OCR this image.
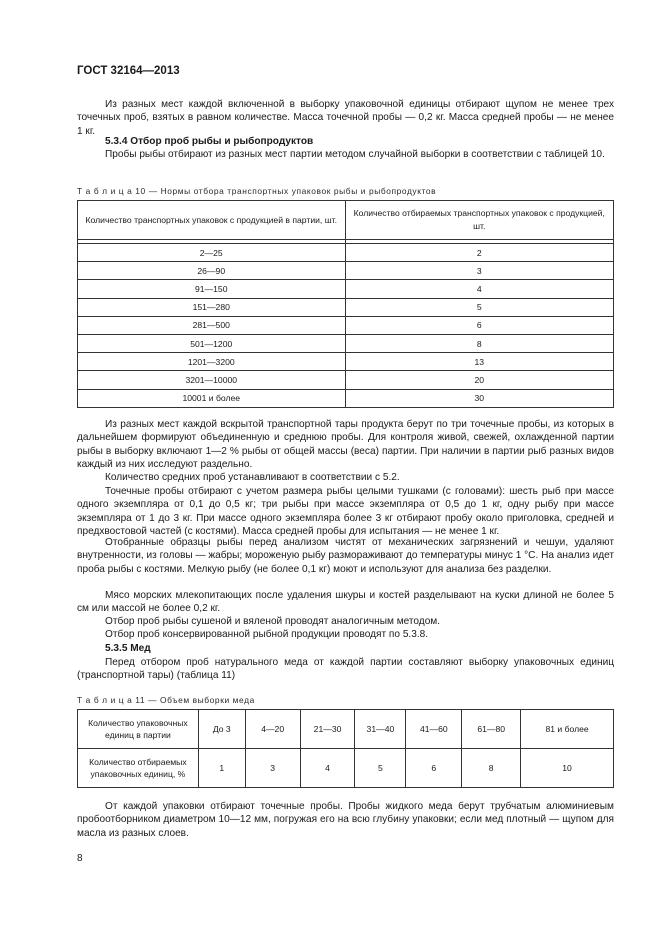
ГОСТ 32164—2013

Из разных мест каждой включенной в выборку упаковочной единицы отбирают щупом не менее трех точечных проб, взятых в равном количестве. Масса точечной пробы — 0,2 кг. Масса средней пробы — не менее 1 кг.

5.3.4 Отбор проб рыбы и рыбопродуктов

Пробы рыбы отбирают из разных мест партии методом случайной выборки в соответствии с таблицей 10.

Т а б л и ц а 10 — Нормы отбора транспортных упаковок рыбы и рыбопродуктов
Количество транспортных упаковок с продукцией в партии, шт.	Количество отбираемых транспортных упаковок с продукцией, шт.

2—25	2
26—90	3
91—150	4
151—280	5
281—500	6
501—1200	8
1201—3200	13
3201—10000	20
10001 и более	30

Из разных мест каждой вскрытой транспортной тары продукта берут по три точечные пробы, из которых в дальнейшем формируют объединенную и среднюю пробы. Для контроля живой, свежей, охлажденной партии рыбы в выборку включают 1—2 % рыбы от общей массы (веса) партии. При наличии в партии рыб разных видов каждый из них исследуют раздельно.

Количество средних проб устанавливают в соответствии с 5.2.

Точечные пробы отбирают с учетом размера рыбы целыми тушками (с головами): шесть рыб при массе одного экземпляра от 0,1 до 0,5 кг; три рыбы при массе экземпляра от 0,5 до 1 кг, одну рыбу при массе экземпляра от 1 до 3 кг. При массе одного экземпляра более 3 кг отбирают пробу около приголовка, средней и предхвостовой частей (с костями). Масса средней пробы для испытания — не менее 1 кг.

Отобранные образцы рыбы перед анализом чистят от механических загрязнений и чешуи, удаляют внутренности, из головы — жабры; мороженую рыбу размораживают до температуры минус 1 °С. На анализ идет проба рыбы с костями. Мелкую рыбу (не более 0,1 кг) моют и используют для анализа без разделки.

Мясо морских млекопитающих после удаления шкуры и костей разделывают на куски длиной не более 5 см или массой не более 0,2 кг.

Отбор проб рыбы сушеной и вяленой проводят аналогичным методом.

Отбор проб консервированной рыбной продукции проводят по 5.3.8.

5.3.5 Мед

Перед отбором проб натурального меда от каждой партии составляют выборку упаковочных единиц (транспортной тары) (таблица 11)

Т а б л и ц а 11 — Объем выборки меда
Количество упаковочных единиц в партии	До 3	4—20	21—30	31—40	41—60	61—80	81 и более
Количество отбираемых упаковочных единиц, %	1	3	4	5	6	8	10

От каждой упаковки отбирают точечные пробы. Пробы жидкого меда берут трубчатым алюминиевым пробоотборником диаметром 10—12 мм, погружая его на всю глубину упаковки; если мед плотный — щупом для масла из разных слоев.

8
